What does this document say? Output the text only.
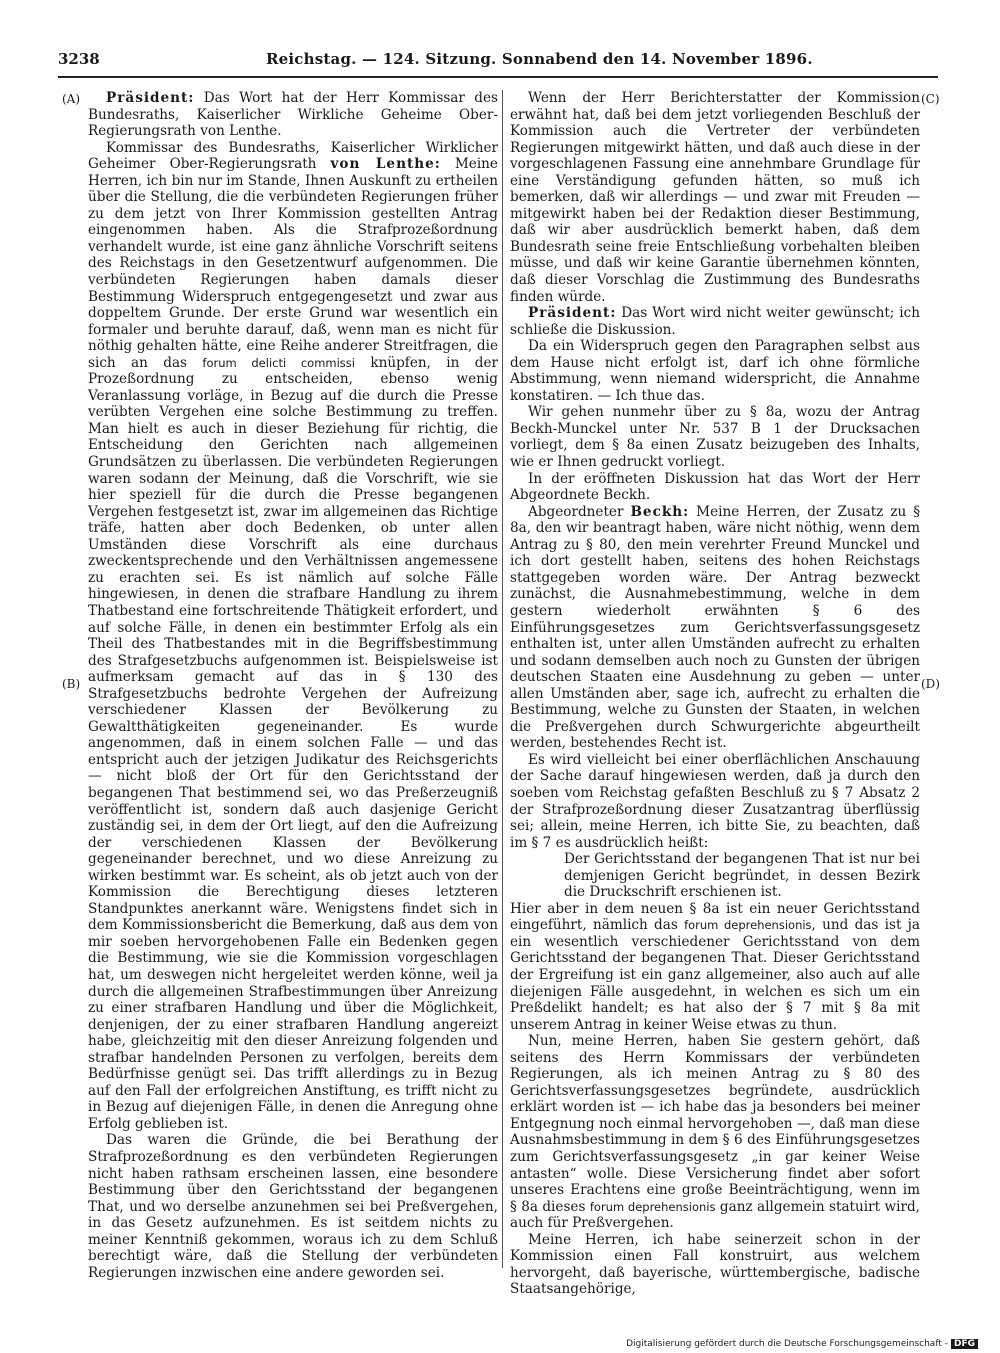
3238	Reichstag. — 124. Sitzung. Sonnabend den 14. November 1896.
(A)
(B)
(C)
(D)

Präsident: Das Wort hat der Herr Kommissar des Bundesraths, Kaiserlicher Wirkliche Geheime Ober-Regierungsrath von Lenthe.

Kommissar des Bundesraths, Kaiserlicher Wirklicher Geheimer Ober-Regierungsrath von Lenthe: Meine Herren, ich bin nur im Stande, Ihnen Auskunft zu ertheilen über die Stellung, die die verbündeten Regierungen früher zu dem jetzt von Ihrer Kommission gestellten Antrag eingenommen haben. Als die Strafprozeßordnung verhandelt wurde, ist eine ganz ähnliche Vorschrift seitens des Reichstags in den Gesetzentwurf aufgenommen. Die verbündeten Regierungen haben damals dieser Bestimmung Widerspruch entgegengesetzt und zwar aus doppeltem Grunde. Der erste Grund war wesentlich ein formaler und beruhte darauf, daß, wenn man es nicht für nöthig gehalten hätte, eine Reihe anderer Streitfragen, die sich an das forum delicti commissi knüpfen, in der Prozeßordnung zu entscheiden, ebenso wenig Veranlassung vorläge, in Bezug auf die durch die Presse verübten Vergehen eine solche Bestimmung zu treffen. Man hielt es auch in dieser Beziehung für richtig, die Entscheidung den Gerichten nach allgemeinen Grundsätzen zu überlassen. Die verbündeten Regierungen waren sodann der Meinung, daß die Vorschrift, wie sie hier speziell für die durch die Presse begangenen Vergehen festgesetzt ist, zwar im allgemeinen das Richtige träfe, hatten aber doch Bedenken, ob unter allen Umständen diese Vorschrift als eine durchaus zweckentsprechende und den Verhältnissen angemessene zu erachten sei. Es ist nämlich auf solche Fälle hingewiesen, in denen die strafbare Handlung zu ihrem Thatbestand eine fortschreitende Thätigkeit erfordert, und auf solche Fälle, in denen ein bestimmter Erfolg als ein Theil des Thatbestandes mit in die Begriffsbestimmung des Strafgesetzbuchs aufgenommen ist. Beispielsweise ist aufmerksam gemacht auf das in § 130 des Strafgesetzbuchs bedrohte Vergehen der Aufreizung verschiedener Klassen der Bevölkerung zu Gewaltthätigkeiten gegeneinander. Es wurde angenommen, daß in einem solchen Falle — und das entspricht auch der jetzigen Judikatur des Reichsgerichts — nicht bloß der Ort für den Gerichtsstand der begangenen That bestimmend sei, wo das Preßerzeugniß veröffentlicht ist, sondern daß auch dasjenige Gericht zuständig sei, in dem der Ort liegt, auf den die Aufreizung der verschiedenen Klassen der Bevölkerung gegeneinander berechnet, und wo diese Anreizung zu wirken bestimmt war. Es scheint, als ob jetzt auch von der Kommission die Berechtigung dieses letzteren Standpunktes anerkannt wäre. Wenigstens findet sich in dem Kommissionsbericht die Bemerkung, daß aus dem von mir soeben hervorgehobenen Falle ein Bedenken gegen die Bestimmung, wie sie die Kommission vorgeschlagen hat, um deswegen nicht hergeleitet werden könne, weil ja durch die allgemeinen Strafbestimmungen über Anreizung zu einer strafbaren Handlung und über die Möglichkeit, denjenigen, der zu einer strafbaren Handlung angereizt habe, gleichzeitig mit den dieser Anreizung folgenden und strafbar handelnden Personen zu verfolgen, bereits dem Bedürfnisse genügt sei. Das trifft allerdings zu in Bezug auf den Fall der erfolgreichen Anstiftung, es trifft nicht zu in Bezug auf diejenigen Fälle, in denen die Anregung ohne Erfolg geblieben ist.

Das waren die Gründe, die bei Berathung der Strafprozeßordnung es den verbündeten Regierungen nicht haben rathsam erscheinen lassen, eine besondere Bestimmung über den Gerichtsstand der begangenen That, und wo derselbe anzunehmen sei bei Preßvergehen, in das Gesetz aufzunehmen. Es ist seitdem nichts zu meiner Kenntniß gekommen, woraus ich zu dem Schluß berechtigt wäre, daß die Stellung der verbündeten Regierungen inzwischen eine andere geworden sei.

Wenn der Herr Berichterstatter der Kommission erwähnt hat, daß bei dem jetzt vorliegenden Beschluß der Kommission auch die Vertreter der verbündeten Regierungen mitgewirkt hätten, und daß auch diese in der vorgeschlagenen Fassung eine annehmbare Grundlage für eine Verständigung gefunden hätten, so muß ich bemerken, daß wir allerdings — und zwar mit Freuden — mitgewirkt haben bei der Redaktion dieser Bestimmung, daß wir aber ausdrücklich bemerkt haben, daß dem Bundesrath seine freie Entschließung vorbehalten bleiben müsse, und daß wir keine Garantie übernehmen könnten, daß dieser Vorschlag die Zustimmung des Bundesraths finden würde.

Präsident: Das Wort wird nicht weiter gewünscht; ich schließe die Diskussion.

Da ein Widerspruch gegen den Paragraphen selbst aus dem Hause nicht erfolgt ist, darf ich ohne förmliche Abstimmung, wenn niemand widerspricht, die Annahme konstatiren. — Ich thue das.

Wir gehen nunmehr über zu § 8a, wozu der Antrag Beckh-Munckel unter Nr. 537 B 1 der Drucksachen vorliegt, dem § 8a einen Zusatz beizugeben des Inhalts, wie er Ihnen gedruckt vorliegt.

In der eröffneten Diskussion hat das Wort der Herr Abgeordnete Beckh.

Abgeordneter Beckh: Meine Herren, der Zusatz zu § 8a, den wir beantragt haben, wäre nicht nöthig, wenn dem Antrag zu § 80, den mein verehrter Freund Munckel und ich dort gestellt haben, seitens des hohen Reichstags stattgegeben worden wäre. Der Antrag bezweckt zunächst, die Ausnahmebestimmung, welche in dem gestern wiederholt erwähnten § 6 des Einführungsgesetzes zum Gerichtsverfassungsgesetz enthalten ist, unter allen Umständen aufrecht zu erhalten und sodann demselben auch noch zu Gunsten der übrigen deutschen Staaten eine Ausdehnung zu geben — unter allen Umständen aber, sage ich, aufrecht zu erhalten die Bestimmung, welche zu Gunsten der Staaten, in welchen die Preßvergehen durch Schwurgerichte abgeurtheilt werden, bestehendes Recht ist.

Es wird vielleicht bei einer oberflächlichen Anschauung der Sache darauf hingewiesen werden, daß ja durch den soeben vom Reichstag gefaßten Beschluß zu § 7 Absatz 2 der Strafprozeßordnung dieser Zusatzantrag überflüssig sei; allein, meine Herren, ich bitte Sie, zu beachten, daß im § 7 es ausdrücklich heißt:

Der Gerichtsstand der begangenen That ist nur bei demjenigen Gericht begründet, in dessen Bezirk die Druckschrift erschienen ist.

Hier aber in dem neuen § 8a ist ein neuer Gerichtsstand eingeführt, nämlich das forum deprehensionis, und das ist ja ein wesentlich verschiedener Gerichtsstand von dem Gerichtsstand der begangenen That. Dieser Gerichtsstand der Ergreifung ist ein ganz allgemeiner, also auch auf alle diejenigen Fälle ausgedehnt, in welchen es sich um ein Preßdelikt handelt; es hat also der § 7 mit § 8a mit unserem Antrag in keiner Weise etwas zu thun.

Nun, meine Herren, haben Sie gestern gehört, daß seitens des Herrn Kommissars der verbündeten Regierungen, als ich meinen Antrag zu § 80 des Gerichtsverfassungsgesetzes begründete, ausdrücklich erklärt worden ist — ich habe das ja besonders bei meiner Entgegnung noch einmal hervorgehoben —, daß man diese Ausnahmsbestimmung in dem § 6 des Einführungsgesetzes zum Gerichtsverfassungsgesetz „in gar keiner Weise antasten“ wolle. Diese Versicherung findet aber sofort unseres Erachtens eine große Beeinträchtigung, wenn im § 8a dieses forum deprehensionis ganz allgemein statuirt wird, auch für Preßvergehen.

Meine Herren, ich habe seinerzeit schon in der Kommission einen Fall konstruirt, aus welchem hervorgeht, daß bayerische, württembergische, badische Staatsangehörige,

Digitalisierung gefördert durch die Deutsche Forschungsgemeinschaft - DFG
